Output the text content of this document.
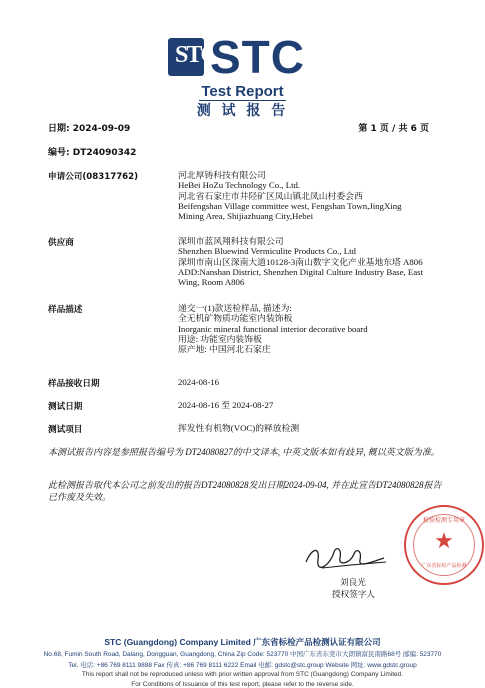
STC
STC
Test Report
测 试 报 告
日期: 2024-09-09	第 1 页 / 共 6 页
编号: DT24090342
申请公司(08317762)	河北厚铸科技有限公司
HeBei HoZu Technology Co., Ltd.
河北省石家庄市井陉矿区凤山镇北凤山村委会西
Beifengshan Village committee west, Fengshan Town,JingXing
Mining Area, Shijiazhuang City,Hebei
供应商	深圳市蓝风翔科技有限公司
Shenzhen Bluewind Vermiculite Products Co., Ltd
深圳市南山区深南大道10128-3南山数字文化产业基地东塔 A806
ADD:Nanshan District, Shenzhen Digital Culture Industry Base, East
Wing, Room A806
样品描述	递交一(1)款送检样品, 描述为:
全无机矿物质功能室内装饰板
Inorganic mineral functional interior decorative board
用途: 功能室内装饰板
原产地: 中国河北石家庄
样品接收日期	2024-08-16
测试日期	2024-08-16 至 2024-08-27
测试项目	挥发性有机物(VOC)的释放检测
本测试报告内容是参照报告编号为 DT24080827的中文译本, 中英文版本如有歧异, 概以英文版为准。
此检测报告取代本公司之前发出的报告DT24080828发出日期2024-09-04, 并在此宣告DT24080828报告已作废及失效。
检验检测专用章
★
广东省标检产品检测
刘良光
授权签字人
STC (Guangdong) Company Limited 广东省标检产品检测认证有限公司
No.68, Fumin South Road, Dalang, Dongguan, Guangdong, China Zip Code: 523770 中国广东省东莞市大朗镇富民南路68号 邮编: 523770
Tel. 电话: +86 769 8111 9888 Fax 传真: +86 769 8111 6222 Email 电邮: gdstc@stc.group Website 网址: www.gdstc.group
This report shall not be reproduced unless with prior written approval from STC (Guangdong) Company Limited.
For Conditions of Issuance of this test report, please refer to the reverse side.
